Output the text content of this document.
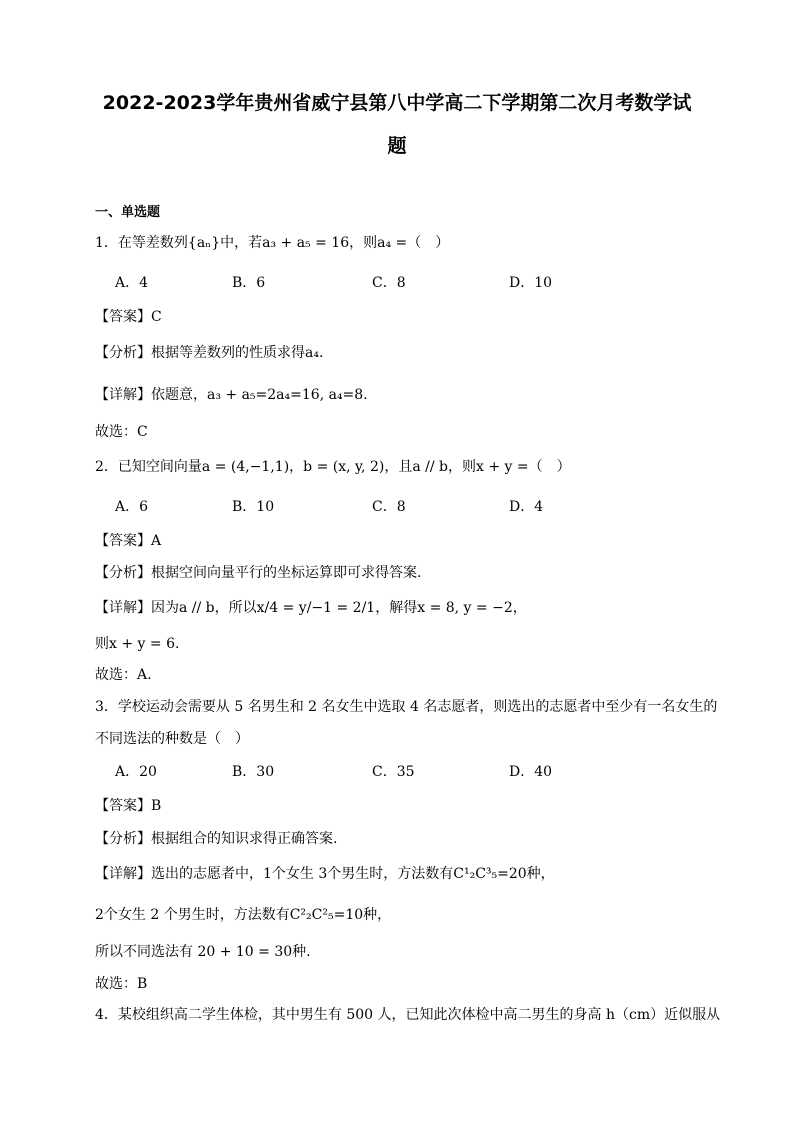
2022-2023学年贵州省威宁县第八中学高二下学期第二次月考数学试
题
一、单选题
1．在等差数列{aₙ}中，若a₃ + a₅ = 16，则a₄ =（　）
A．4	B．6	C．8	D．10
【答案】C
【分析】根据等差数列的性质求得a₄.
【详解】依题意，a₃ + a₅=2a₄=16, a₄=8.
故选：C
2．已知空间向量a = (4,−1,1)，b = (x, y, 2)，且a // b，则x + y =（　）
A．6	B．10	C．8	D．4
【答案】A
【分析】根据空间向量平行的坐标运算即可求得答案.
【详解】因为a // b，所以x/4 = y/−1 = 2/1，解得x = 8, y = −2，
则x + y = 6.
故选：A.
3．学校运动会需要从 5 名男生和 2 名女生中选取 4 名志愿者，则选出的志愿者中至少有一名女生的
不同选法的种数是（　）
A．20	B．30	C．35	D．40
【答案】B
【分析】根据组合的知识求得正确答案.
【详解】选出的志愿者中，1个女生 3个男生时，方法数有C¹₂C³₅=20种，
2个女生 2 个男生时，方法数有C²₂C²₅=10种，
所以不同选法有 20 + 10 = 30种.
故选：B
4．某校组织高二学生体检，其中男生有 500 人，已知此次体检中高二男生的身高 h（cm）近似服从
